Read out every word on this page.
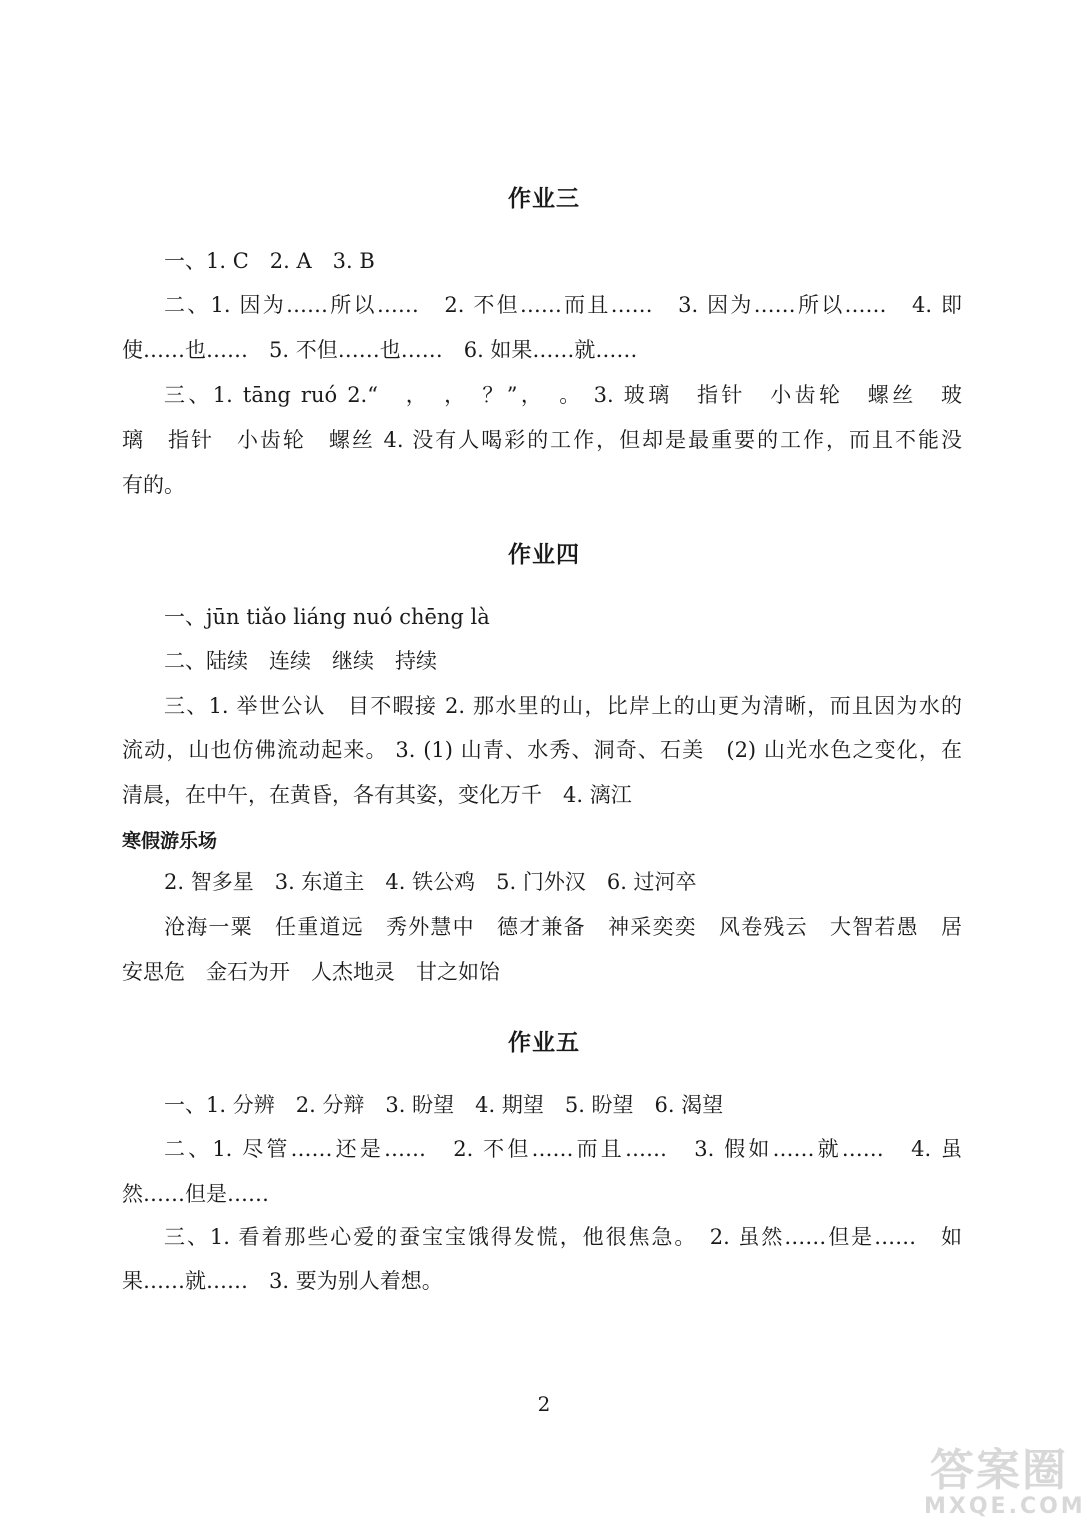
作业三
一、1. C　2. A　3. B
二、1. 因为……所以……　2. 不但……而且……　3. 因为……所以……　4. 即
使……也……　5. 不但……也……　6. 如果……就……
三、1. tāng ruó 2.“　，　，　？”，　。 3. 玻璃　指针　小齿轮　螺丝　玻
璃　指针　小齿轮　螺丝 4. 没有人喝彩的工作，但却是最重要的工作，而且不能没
有的。
作业四
一、jūn tiǎo liáng nuó chēng là
二、陆续　连续　继续　持续
三、1. 举世公认　目不暇接 2. 那水里的山，比岸上的山更为清晰，而且因为水的
流动，山也仿佛流动起来。 3. (1) 山青、水秀、洞奇、石美　(2) 山光水色之变化，在
清晨，在中午，在黄昏，各有其姿，变化万千　4. 漓江
寒假游乐场
2. 智多星　3. 东道主　4. 铁公鸡　5. 门外汉　6. 过河卒
沧海一粟　任重道远　秀外慧中　德才兼备　神采奕奕　风卷残云　大智若愚　居
安思危　金石为开　人杰地灵　甘之如饴
作业五
一、1. 分辨　2. 分辩　3. 盼望　4. 期望　5. 盼望　6. 渴望
二、1. 尽管……还是……　2. 不但……而且……　3. 假如……就……　4. 虽
然……但是……
三、1. 看着那些心爱的蚕宝宝饿得发慌，他很焦急。　2. 虽然……但是……　如
果……就……　3. 要为别人着想。
2
答案圈
MXQE.COM
